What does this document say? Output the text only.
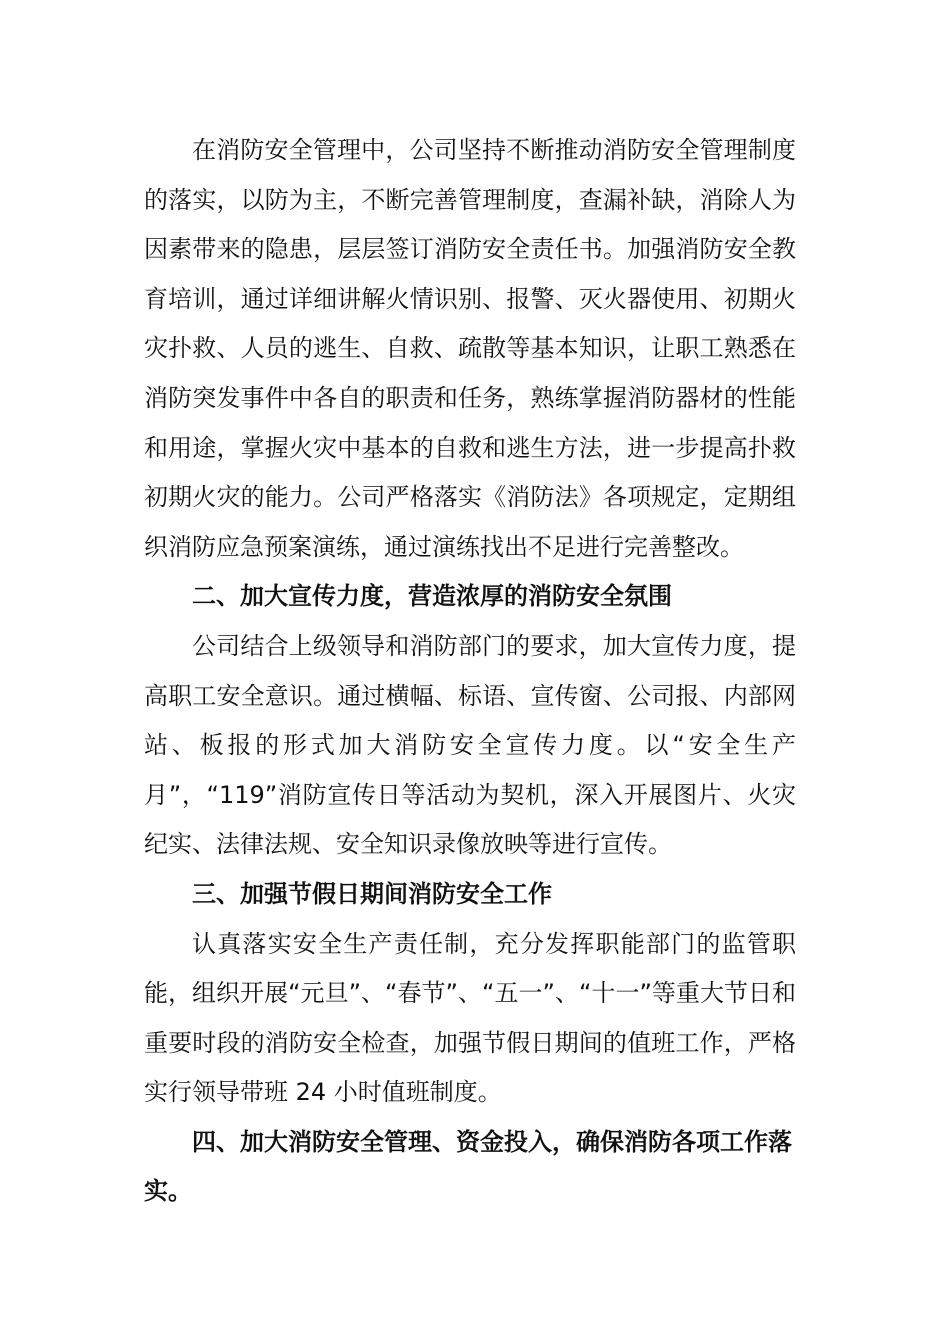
在消防安全管理中，公司坚持不断推动消防安全管理制度的落实，以防为主，不断完善管理制度，查漏补缺，消除人为因素带来的隐患，层层签订消防安全责任书。加强消防安全教育培训，通过详细讲解火情识别、报警、灭火器使用、初期火灾扑救、人员的逃生、自救、疏散等基本知识，让职工熟悉在消防突发事件中各自的职责和任务，熟练掌握消防器材的性能和用途，掌握火灾中基本的自救和逃生方法，进一步提高扑救初期火灾的能力。公司严格落实《消防法》各项规定，定期组织消防应急预案演练，通过演练找出不足进行完善整改。

二、加大宣传力度，营造浓厚的消防安全氛围

公司结合上级领导和消防部门的要求，加大宣传力度，提高职工安全意识。通过横幅、标语、宣传窗、公司报、内部网站、板报的形式加大消防安全宣传力度。以“安全生产月”，“119”消防宣传日等活动为契机，深入开展图片、火灾纪实、法律法规、安全知识录像放映等进行宣传。

三、加强节假日期间消防安全工作

认真落实安全生产责任制，充分发挥职能部门的监管职能，组织开展“元旦”、“春节”、“五一”、“十一”等重大节日和重要时段的消防安全检查，加强节假日期间的值班工作，严格实行领导带班 24 小时值班制度。

四、加大消防安全管理、资金投入，确保消防各项工作落实。
